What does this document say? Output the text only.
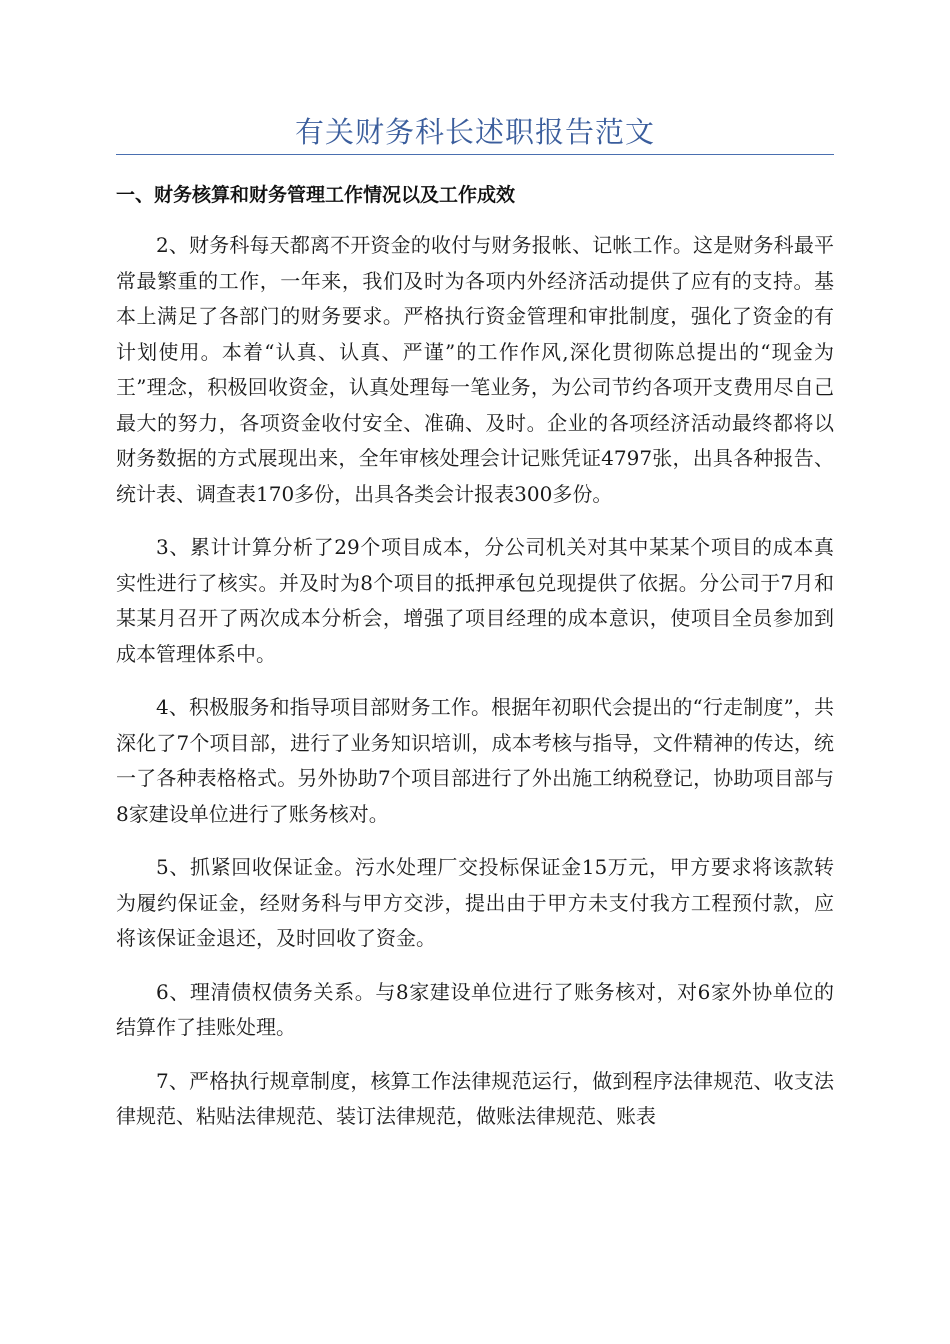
有关财务科长述职报告范文
一、财务核算和财务管理工作情况以及工作成效

2、财务科每天都离不开资金的收付与财务报帐、记帐工作。这是财务科最平常最繁重的工作，一年来，我们及时为各项内外经济活动提供了应有的支持。基本上满足了各部门的财务要求。严格执行资金管理和审批制度，强化了资金的有计划使用。本着“认真、认真、严谨”的工作作风,深化贯彻陈总提出的“现金为王”理念，积极回收资金，认真处理每一笔业务，为公司节约各项开支费用尽自己最大的努力，各项资金收付安全、准确、及时。企业的各项经济活动最终都将以财务数据的方式展现出来，全年审核处理会计记账凭证4797张，出具各种报告、统计表、调查表170多份，出具各类会计报表300多份。

3、累计计算分析了29个项目成本，分公司机关对其中某某个项目的成本真实性进行了核实。并及时为8个项目的抵押承包兑现提供了依据。分公司于7月和某某月召开了两次成本分析会，增强了项目经理的成本意识，使项目全员参加到成本管理体系中。

4、积极服务和指导项目部财务工作。根据年初职代会提出的“行走制度”，共深化了7个项目部，进行了业务知识培训，成本考核与指导，文件精神的传达，统一了各种表格格式。另外协助7个项目部进行了外出施工纳税登记，协助项目部与8家建设单位进行了账务核对。

5、抓紧回收保证金。污水处理厂交投标保证金15万元，甲方要求将该款转为履约保证金，经财务科与甲方交涉，提出由于甲方未支付我方工程预付款，应将该保证金退还，及时回收了资金。

6、理清债权债务关系。与8家建设单位进行了账务核对，对6家外协单位的结算作了挂账处理。

7、严格执行规章制度，核算工作法律规范运行，做到程序法律规范、收支法律规范、粘贴法律规范、装订法律规范，做账法律规范、账表
